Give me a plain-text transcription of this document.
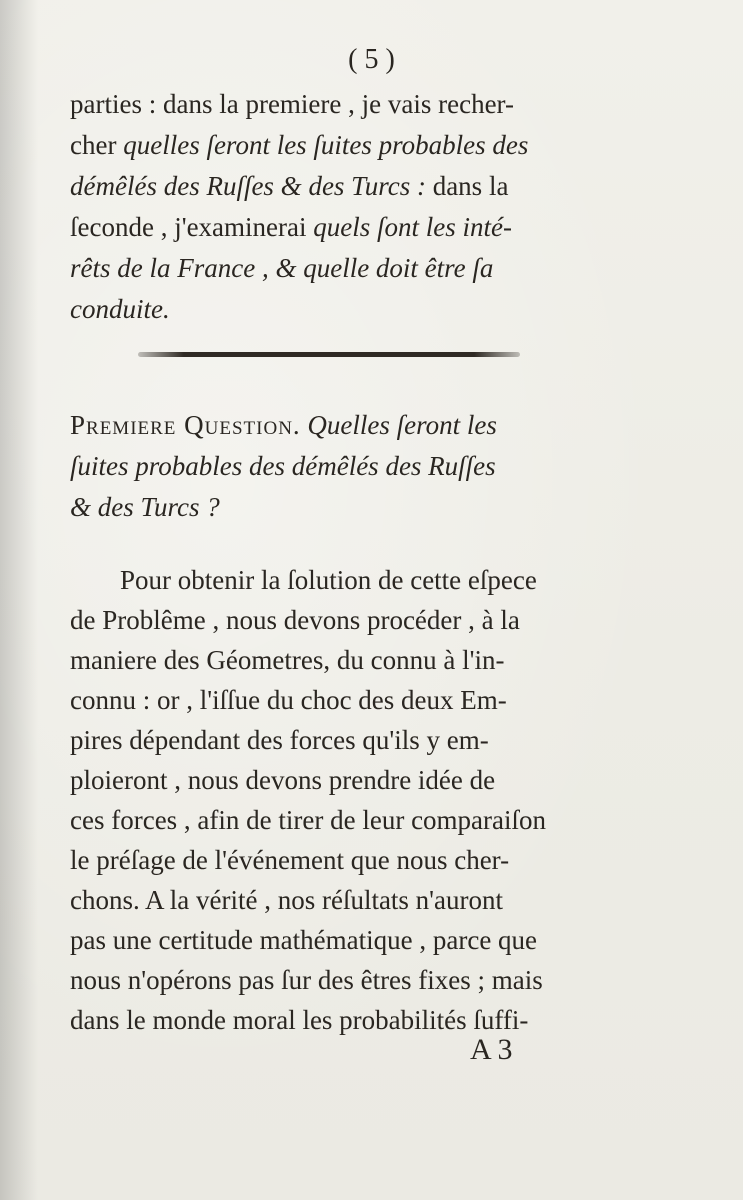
( 5 )
parties : dans la premiere , je vais recher-
cher quelles ſeront les ſuites probables des
démêlés des Ruſſes & des Turcs : dans la
ſeconde , j'examinerai quels ſont les inté-
rêts de la France , & quelle doit être ſa
conduite.
Premiere Question. Quelles ſeront les
ſuites probables des démêlés des Ruſſes
& des Turcs ?
Pour obtenir la ſolution de cette eſpece
de Problême , nous devons procéder , à la
maniere des Géometres, du connu à l'in-
connu : or , l'iſſue du choc des deux Em-
pires dépendant des forces qu'ils y em-
ploieront , nous devons prendre idée de
ces forces , afin de tirer de leur comparaiſon
le préſage de l'événement que nous cher-
chons. A la vérité , nos réſultats n'auront
pas une certitude mathématique , parce que
nous n'opérons pas ſur des êtres fixes ; mais
dans le monde moral les probabilités ſuffi-
A 3
